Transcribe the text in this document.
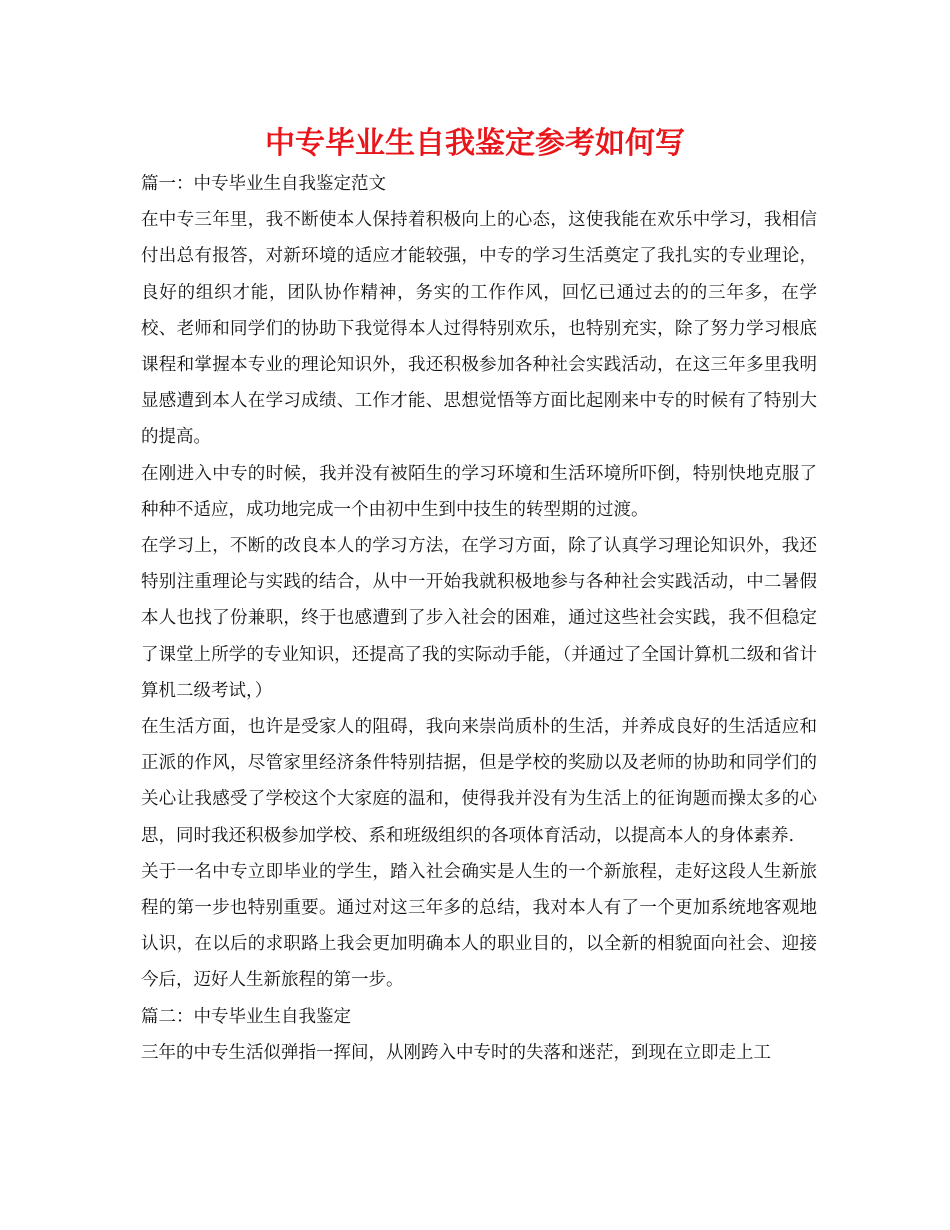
中专毕业生自我鉴定参考如何写

篇一：中专毕业生自我鉴定范文

在中专三年里，我不断使本人保持着积极向上的心态，这使我能在欢乐中学习，我相信付出总有报答，对新环境的适应才能较强，中专的学习生活奠定了我扎实的专业理论，良好的组织才能，团队协作精神，务实的工作作风，回忆已通过去的的三年多，在学校、老师和同学们的协助下我觉得本人过得特别欢乐，也特别充实，除了努力学习根底课程和掌握本专业的理论知识外，我还积极参加各种社会实践活动，在这三年多里我明显感遭到本人在学习成绩、工作才能、思想觉悟等方面比起刚来中专的时候有了特别大的提高。

在刚进入中专的时候，我并没有被陌生的学习环境和生活环境所吓倒，特别快地克服了种种不适应，成功地完成一个由初中生到中技生的转型期的过渡。

在学习上，不断的改良本人的学习方法，在学习方面，除了认真学习理论知识外，我还特别注重理论与实践的结合，从中一开始我就积极地参与各种社会实践活动，中二暑假本人也找了份兼职，终于也感遭到了步入社会的困难，通过这些社会实践，我不但稳定了课堂上所学的专业知识，还提高了我的实际动手能，（并通过了全国计算机二级和省计算机二级考试，）

在生活方面，也许是受家人的阻碍，我向来崇尚质朴的生活，并养成良好的生活适应和正派的作风，尽管家里经济条件特别拮据，但是学校的奖励以及老师的协助和同学们的关心让我感受了学校这个大家庭的温和，使得我并没有为生活上的征询题而操太多的心思，同时我还积极参加学校、系和班级组织的各项体育活动，以提高本人的身体素养.

关于一名中专立即毕业的学生，踏入社会确实是人生的一个新旅程，走好这段人生新旅程的第一步也特别重要。通过对这三年多的总结，我对本人有了一个更加系统地客观地认识，在以后的求职路上我会更加明确本人的职业目的，以全新的相貌面向社会、迎接今后，迈好人生新旅程的第一步。

篇二：中专毕业生自我鉴定

三年的中专生活似弹指一挥间，从刚跨入中专时的失落和迷茫，到现在立即走上工
